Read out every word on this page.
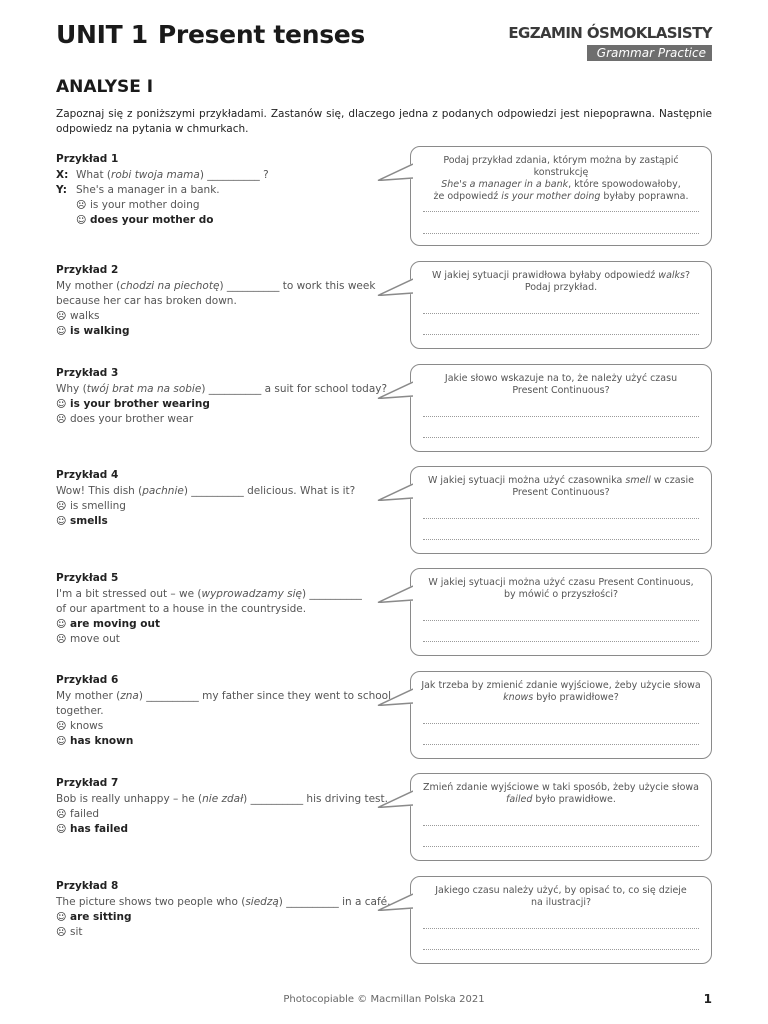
UNIT 1 Present tenses	EGZAMIN ÓSMOKLASISTY
Grammar Practice
ANALYSE I

Zapoznaj się z poniższymi przykładami. Zastanów się, dlaczego jedna z podanych odpowiedzi jest niepoprawna. Następnie odpowiedz na pytania w chmurkach.

Przykład 1
X: What (robi twoja mama) __________ ?
Y: She's a manager in a bank.
☹ is your mother doing
☺ does your mother do
Podaj przykład zdania, którym można by zastąpić konstrukcję
She's a manager in a bank, które spowodowałoby,
że odpowiedź is your mother doing byłaby poprawna.
Przykład 2
My mother (chodzi na piechotę) __________ to work this week
because her car has broken down.
☹ walks
☺ is walking
W jakiej sytuacji prawidłowa byłaby odpowiedź walks?
Podaj przykład.
Przykład 3
Why (twój brat ma na sobie) __________ a suit for school today?
☺ is your brother wearing
☹ does your brother wear
Jakie słowo wskazuje na to, że należy użyć czasu
Present Continuous?
Przykład 4
Wow! This dish (pachnie) __________ delicious. What is it?
☹ is smelling
☺ smells
W jakiej sytuacji można użyć czasownika smell w czasie
Present Continuous?
Przykład 5
I'm a bit stressed out – we (wyprowadzamy się) __________
of our apartment to a house in the countryside.
☺ are moving out
☹ move out
W jakiej sytuacji można użyć czasu Present Continuous,
by mówić o przyszłości?
Przykład 6
My mother (zna) __________ my father since they went to school
together.
☹ knows
☺ has known
Jak trzeba by zmienić zdanie wyjściowe, żeby użycie słowa
knows było prawidłowe?
Przykład 7
Bob is really unhappy – he (nie zdał) __________ his driving test.
☹ failed
☺ has failed
Zmień zdanie wyjściowe w taki sposób, żeby użycie słowa
failed było prawidłowe.
Przykład 8
The picture shows two people who (siedzą) __________ in a café.
☺ are sitting
☹ sit
Jakiego czasu należy użyć, by opisać to, co się dzieje
na ilustracji?

Photocopiable © Macmillan Polska 2021	1
